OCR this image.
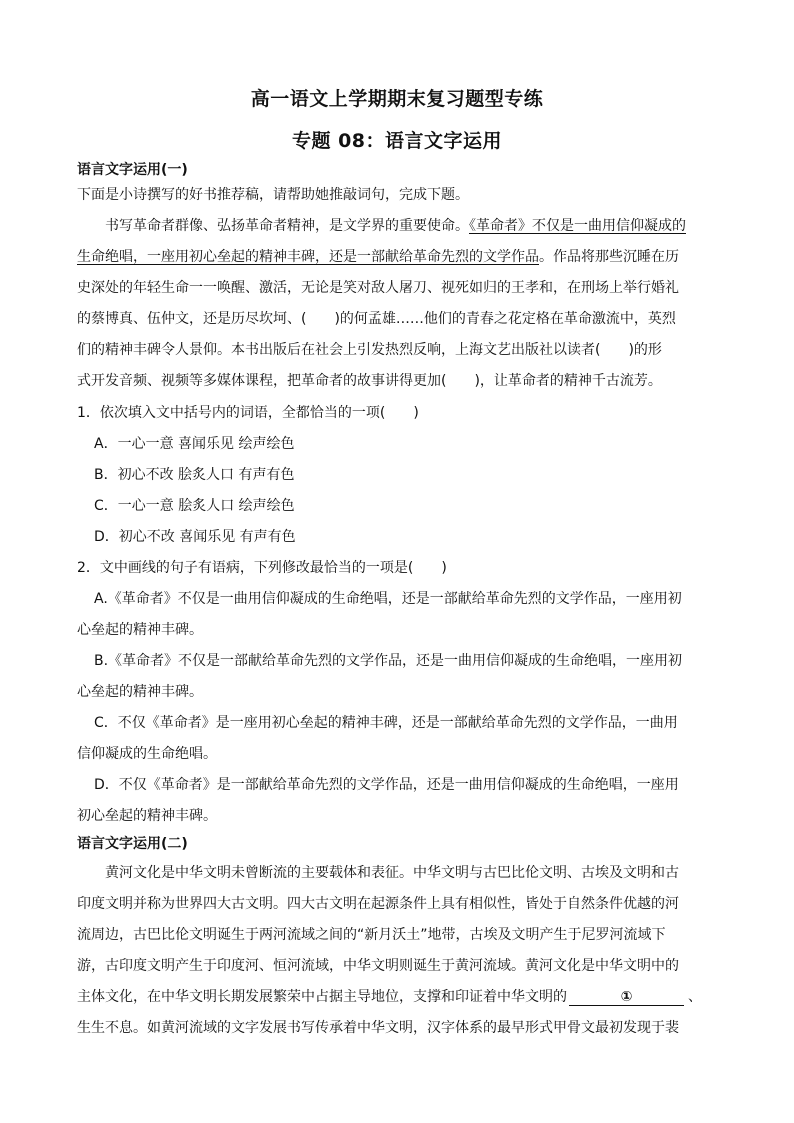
高一语文上学期期末复习题型专练
专题 08：语言文字运用
语言文字运用(一)
下面是小诗撰写的好书推荐稿，请帮助她推敲词句，完成下题。
书写革命者群像、弘扬革命者精神，是文学界的重要使命。《革命者》不仅是一曲用信仰凝成的
生命绝唱，一座用初心垒起的精神丰碑，还是一部献给革命先烈的文学作品。作品将那些沉睡在历
史深处的年轻生命一一唤醒、激活，无论是笑对敌人屠刀、视死如归的王孝和，在刑场上举行婚礼
的蔡博真、伍仲文，还是历尽坎坷、(　　)的何孟雄……他们的青春之花定格在革命激流中，英烈
们的精神丰碑令人景仰。本书出版后在社会上引发热烈反响，上海文艺出版社以读者(　　)的形
式开发音频、视频等多媒体课程，把革命者的故事讲得更加(　　)，让革命者的精神千古流芳。
1．依次填入文中括号内的词语，全都恰当的一项(　　)
A．一心一意 喜闻乐见 绘声绘色
B．初心不改 脍炙人口 有声有色
C．一心一意 脍炙人口 绘声绘色
D．初心不改 喜闻乐见 有声有色
2．文中画线的句子有语病，下列修改最恰当的一项是(　　)
A.《革命者》不仅是一曲用信仰凝成的生命绝唱，还是一部献给革命先烈的文学作品，一座用初
心垒起的精神丰碑。
B.《革命者》不仅是一部献给革命先烈的文学作品，还是一曲用信仰凝成的生命绝唱，一座用初
心垒起的精神丰碑。
C．不仅《革命者》是一座用初心垒起的精神丰碑，还是一部献给革命先烈的文学作品，一曲用
信仰凝成的生命绝唱。
D．不仅《革命者》是一部献给革命先烈的文学作品，还是一曲用信仰凝成的生命绝唱，一座用
初心垒起的精神丰碑。
语言文字运用(二)
黄河文化是中华文明未曾断流的主要载体和表征。中华文明与古巴比伦文明、古埃及文明和古
印度文明并称为世界四大古文明。四大古文明在起源条件上具有相似性，皆处于自然条件优越的河
流周边，古巴比伦文明诞生于两河流域之间的“新月沃土”地带，古埃及文明产生于尼罗河流域下
游，古印度文明产生于印度河、恒河流域，中华文明则诞生于黄河流域。黄河文化是中华文明中的
主体文化，在中华文明长期发展繁荣中占据主导地位，支撑和印证着中华文明的	①	、
生生不息。如黄河流域的文字发展书写传承着中华文明，汉字体系的最早形式甲骨文最初发现于裴
